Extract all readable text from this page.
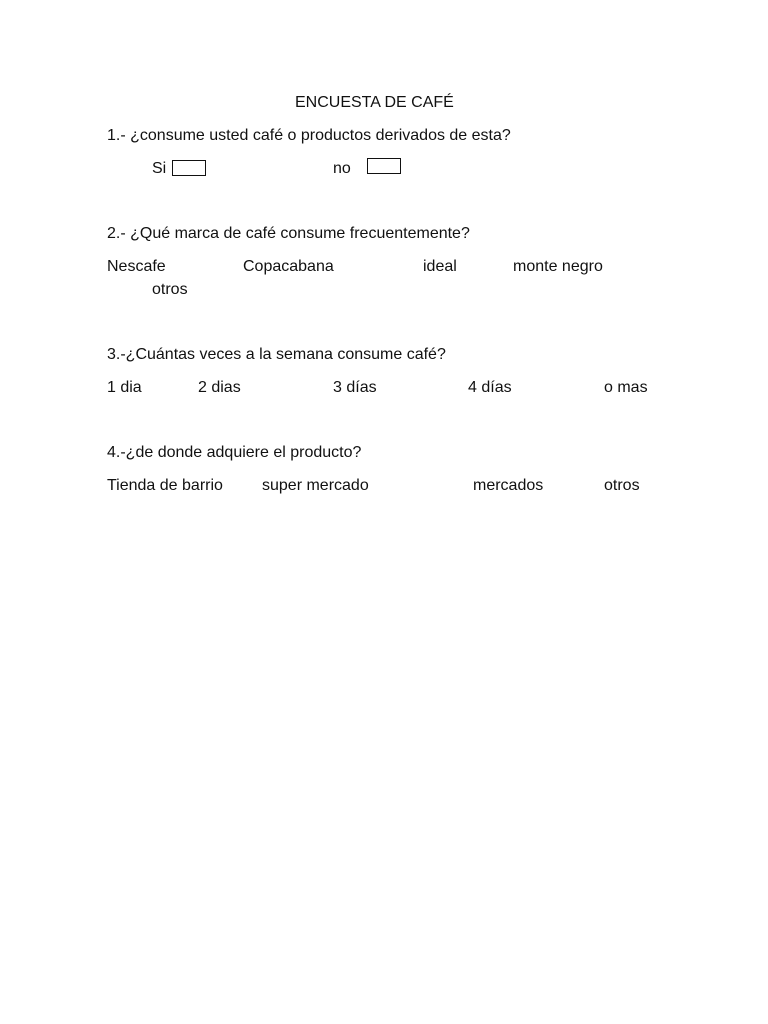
ENCUESTA DE CAFÉ
1.- ¿consume usted café o productos derivados de esta?
Si	no
2.- ¿Qué marca de café consume frecuentemente?
Nescafe	Copacabana	ideal	monte negro
otros
3.-¿Cuántas veces a la semana consume café?
1 dia	2 dias	3 días	4 días	o mas
4.-¿de donde adquiere el producto?
Tienda de barrio super mercado	mercados	otros
